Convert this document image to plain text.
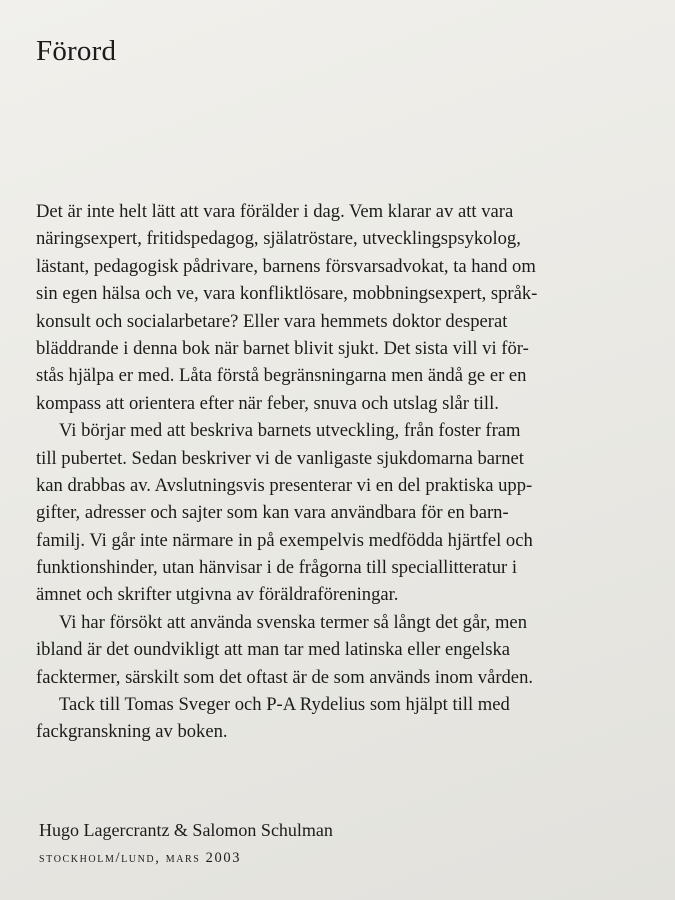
Förord
Det är inte helt lätt att vara förälder i dag. Vem klarar av att vara
näringsexpert, fritidspedagog, själatröstare, utvecklingspsykolog,
lästant, pedagogisk pådrivare, barnens försvarsadvokat, ta hand om
sin egen hälsa och ve, vara konfliktlösare, mobbningsexpert, språk-
konsult och socialarbetare? Eller vara hemmets doktor desperat
bläddrande i denna bok när barnet blivit sjukt. Det sista vill vi för-
stås hjälpa er med. Låta förstå begränsningarna men ändå ge er en
kompass att orientera efter när feber, snuva och utslag slår till.
Vi börjar med att beskriva barnets utveckling, från foster fram
till pubertet. Sedan beskriver vi de vanligaste sjukdomarna barnet
kan drabbas av. Avslutningsvis presenterar vi en del praktiska upp-
gifter, adresser och sajter som kan vara användbara för en barn-
familj. Vi går inte närmare in på exempelvis medfödda hjärtfel och
funktionshinder, utan hänvisar i de frågorna till speciallitteratur i
ämnet och skrifter utgivna av föräldraföreningar.
Vi har försökt att använda svenska termer så långt det går, men
ibland är det oundvikligt att man tar med latinska eller engelska
facktermer, särskilt som det oftast är de som används inom vården.
Tack till Tomas Sveger och P-A Rydelius som hjälpt till med
fackgranskning av boken.
Hugo Lagercrantz & Salomon Schulman
stockholm/lund, mars 2003
